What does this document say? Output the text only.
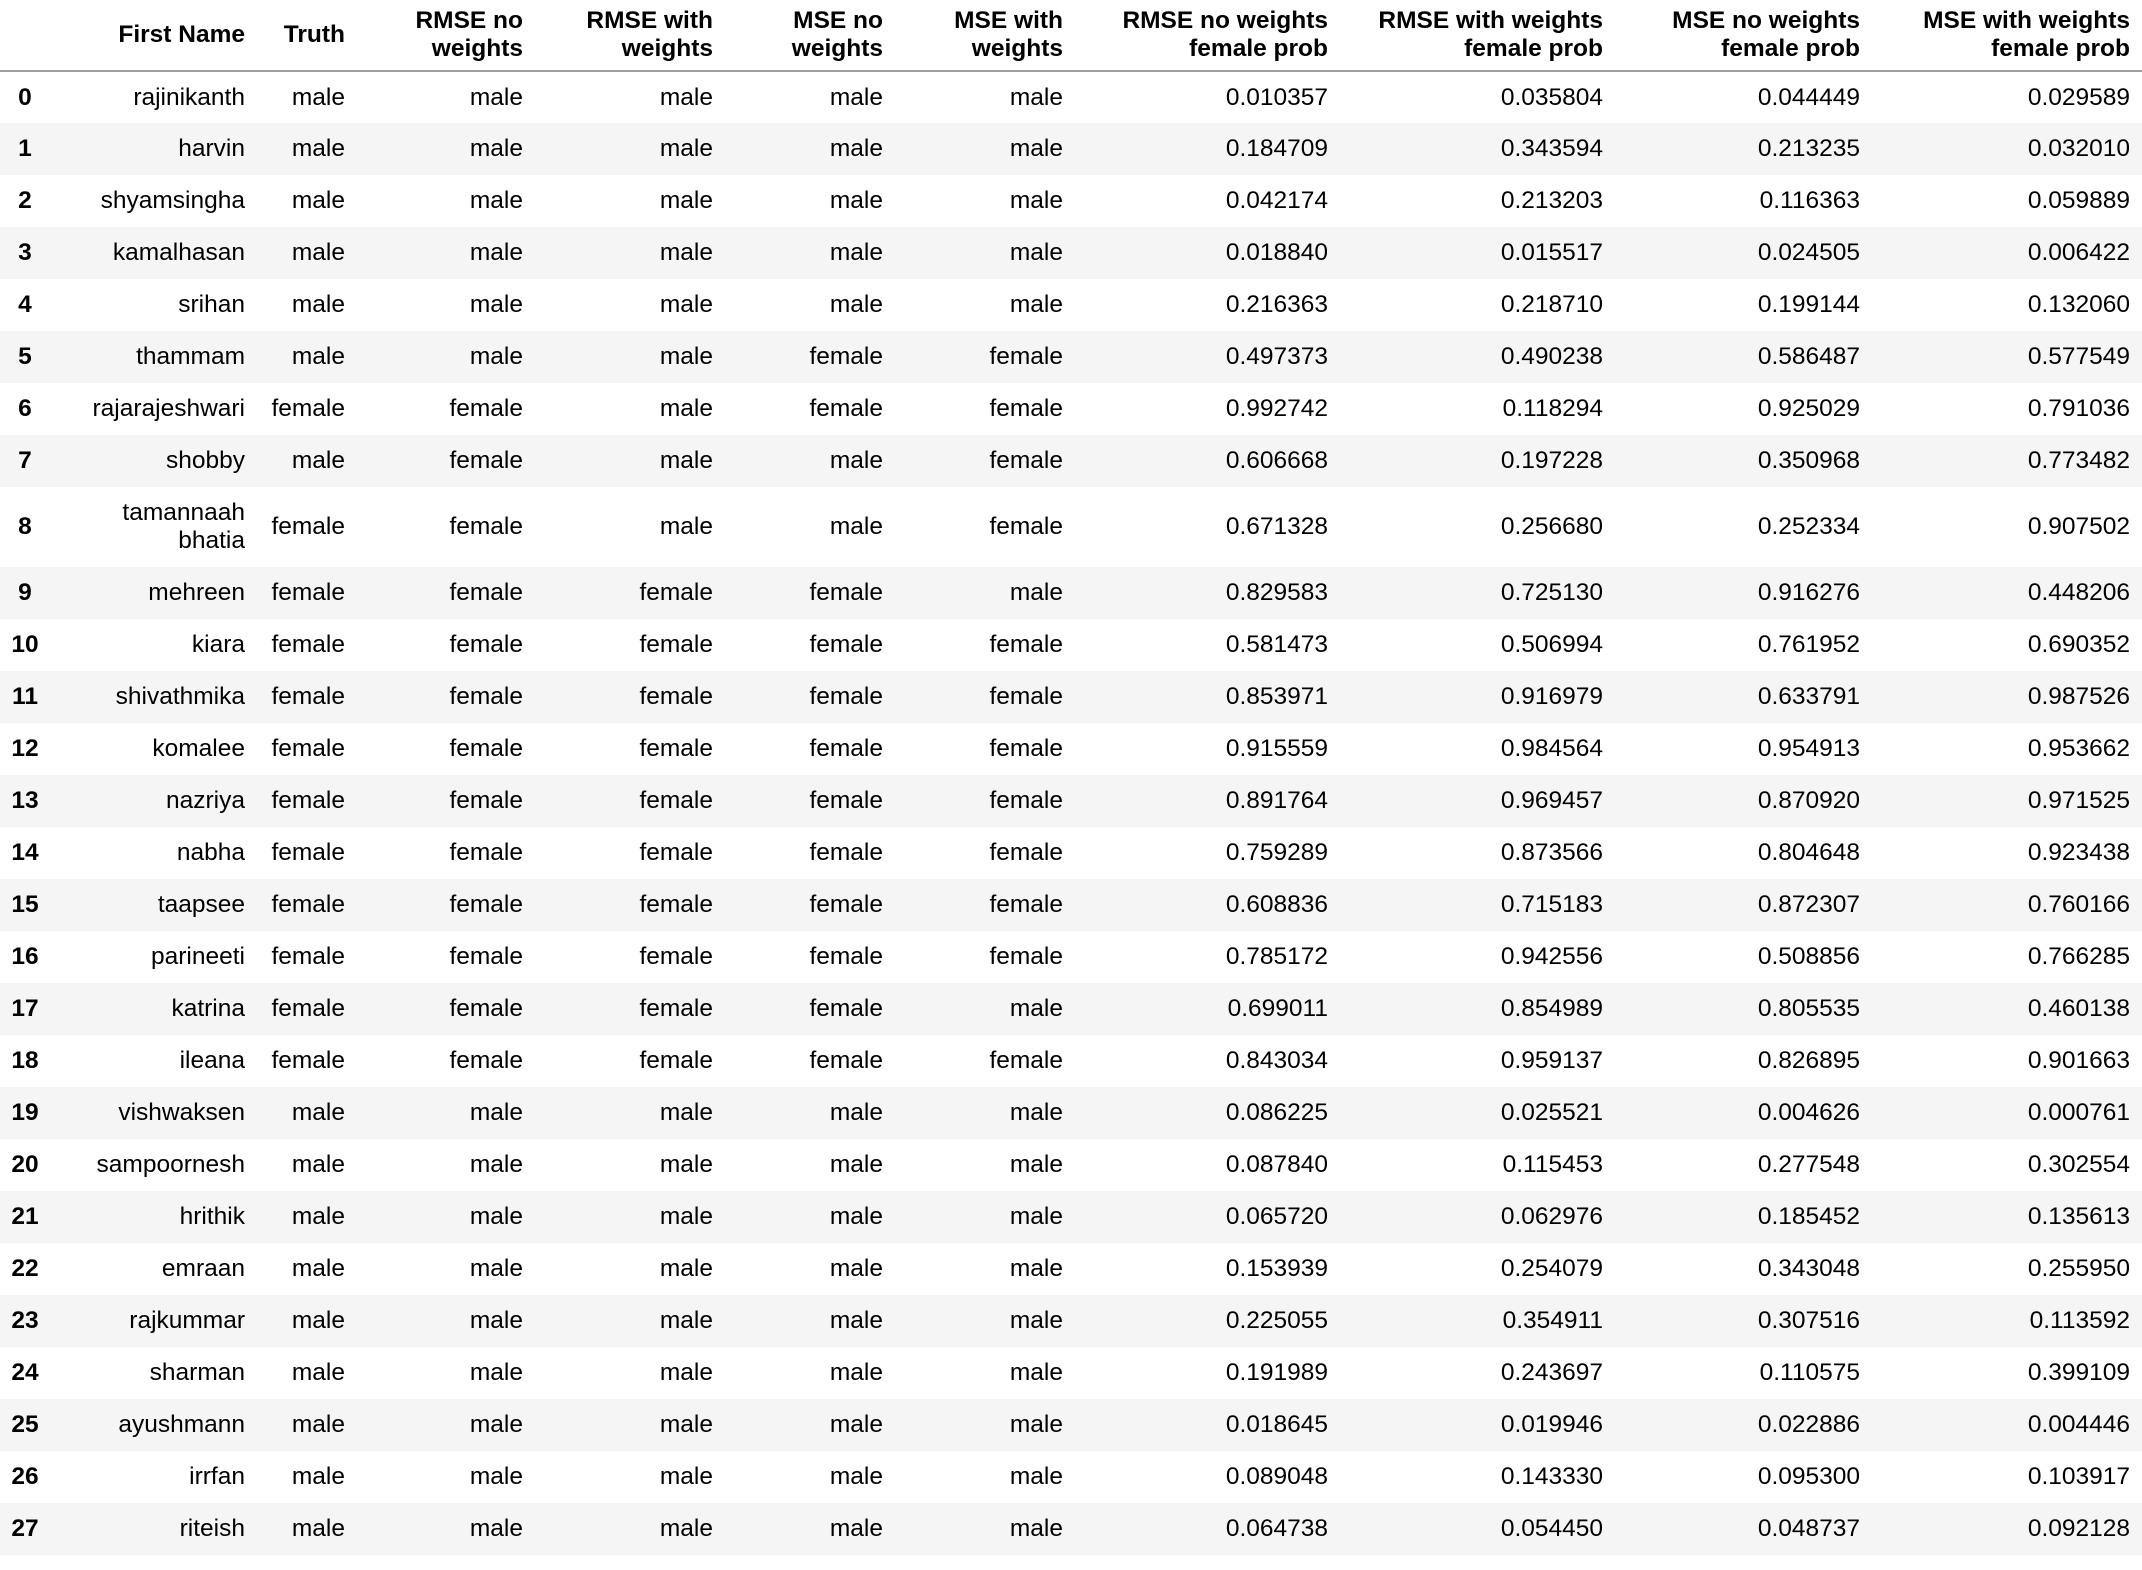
	First Name	Truth	RMSE no weights	RMSE with weights	MSE no weights	MSE with weights	RMSE no weights female prob	RMSE with weights female prob	MSE no weights female prob	MSE with weights female prob
0	rajinikanth	male	male	male	male	male	0.010357	0.035804	0.044449	0.029589
1	harvin	male	male	male	male	male	0.184709	0.343594	0.213235	0.032010
2	shyamsingha	male	male	male	male	male	0.042174	0.213203	0.116363	0.059889
3	kamalhasan	male	male	male	male	male	0.018840	0.015517	0.024505	0.006422
4	srihan	male	male	male	male	male	0.216363	0.218710	0.199144	0.132060
5	thammam	male	male	male	female	female	0.497373	0.490238	0.586487	0.577549
6	rajarajeshwari	female	female	male	female	female	0.992742	0.118294	0.925029	0.791036
7	shobby	male	female	male	male	female	0.606668	0.197228	0.350968	0.773482
8	tamannaah bhatia	female	female	male	male	female	0.671328	0.256680	0.252334	0.907502
9	mehreen	female	female	female	female	male	0.829583	0.725130	0.916276	0.448206
10	kiara	female	female	female	female	female	0.581473	0.506994	0.761952	0.690352
11	shivathmika	female	female	female	female	female	0.853971	0.916979	0.633791	0.987526
12	komalee	female	female	female	female	female	0.915559	0.984564	0.954913	0.953662
13	nazriya	female	female	female	female	female	0.891764	0.969457	0.870920	0.971525
14	nabha	female	female	female	female	female	0.759289	0.873566	0.804648	0.923438
15	taapsee	female	female	female	female	female	0.608836	0.715183	0.872307	0.760166
16	parineeti	female	female	female	female	female	0.785172	0.942556	0.508856	0.766285
17	katrina	female	female	female	female	male	0.699011	0.854989	0.805535	0.460138
18	ileana	female	female	female	female	female	0.843034	0.959137	0.826895	0.901663
19	vishwaksen	male	male	male	male	male	0.086225	0.025521	0.004626	0.000761
20	sampoornesh	male	male	male	male	male	0.087840	0.115453	0.277548	0.302554
21	hrithik	male	male	male	male	male	0.065720	0.062976	0.185452	0.135613
22	emraan	male	male	male	male	male	0.153939	0.254079	0.343048	0.255950
23	rajkummar	male	male	male	male	male	0.225055	0.354911	0.307516	0.113592
24	sharman	male	male	male	male	male	0.191989	0.243697	0.110575	0.399109
25	ayushmann	male	male	male	male	male	0.018645	0.019946	0.022886	0.004446
26	irrfan	male	male	male	male	male	0.089048	0.143330	0.095300	0.103917
27	riteish	male	male	male	male	male	0.064738	0.054450	0.048737	0.092128
